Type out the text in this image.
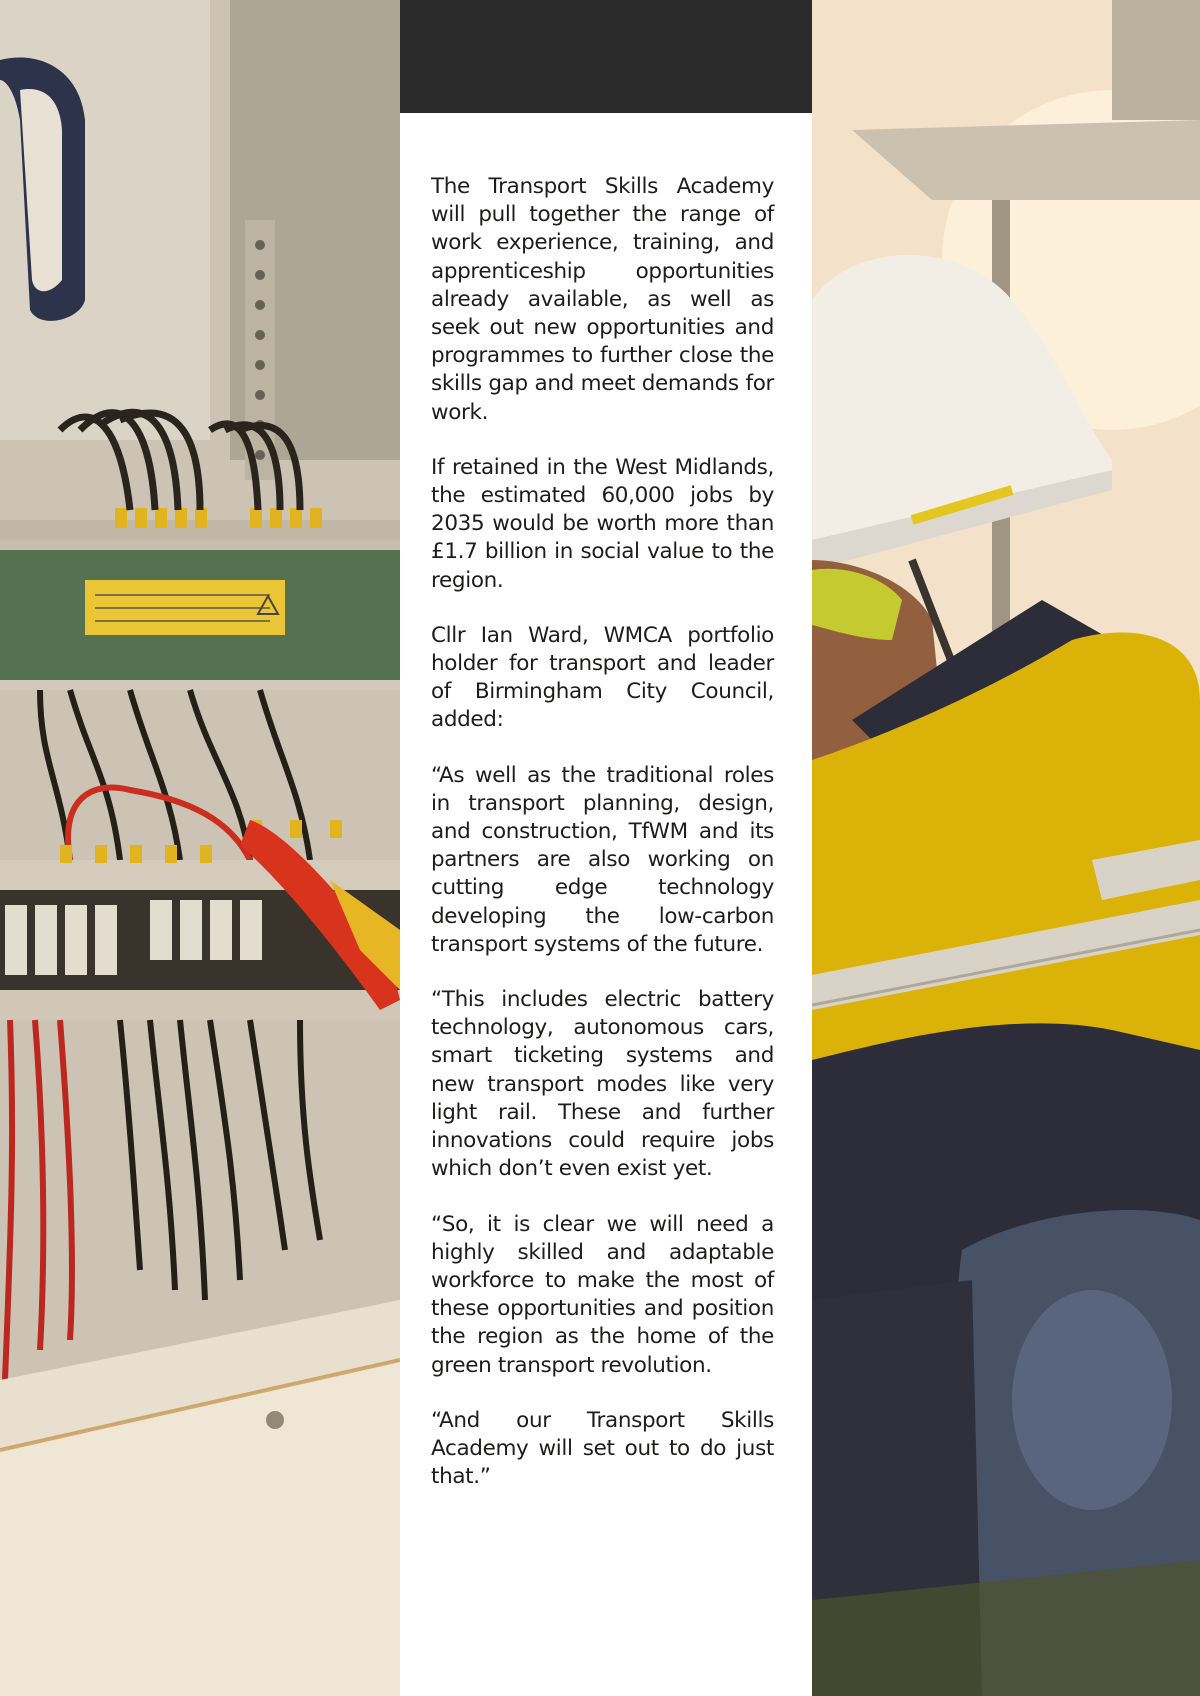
The Transport Skills Academy will pull together the range of work experience, training, and apprenticeship opportunities already available, as well as seek out new opportunities and programmes to further close the skills gap and meet demands for work.

If retained in the West Midlands, the estimated 60,000 jobs by 2035 would be worth more than £1.7 billion in social value to the region.

Cllr Ian Ward, WMCA portfolio holder for transport and leader of Birmingham City Council, added:

“As well as the traditional roles in transport planning, design, and construction, TfWM and its partners are also working on cutting edge technology developing the low-carbon transport systems of the future.

“This includes electric battery technology, autonomous cars, smart ticketing systems and new transport modes like very light rail. These and further innovations could require jobs which don’t even exist yet.

“So, it is clear we will need a highly skilled and adaptable workforce to make the most of these opportunities and position the region as the home of the green transport revolution.

“And our Transport Skills Academy will set out to do just that.”
